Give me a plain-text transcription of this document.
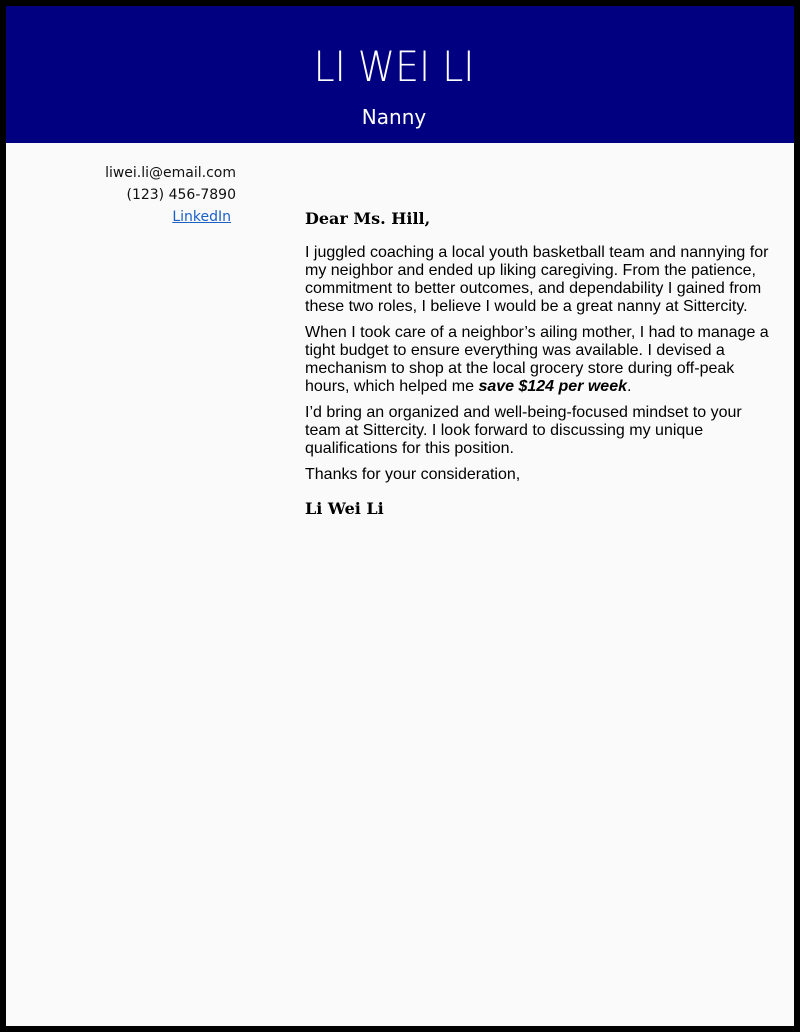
LI WEI LI
Nanny
liwei.li@email.com
(123) 456-7890
LinkedIn	Dear Ms. Hill,

I juggled coaching a local youth basketball team and nannying for my neighbor and ended up liking caregiving. From the patience, commitment to better outcomes, and dependability I gained from these two roles, I believe I would be a great nanny at Sittercity.

When I took care of a neighbor’s ailing mother, I had to manage a tight budget to ensure everything was available. I devised a mechanism to shop at the local grocery store during off-peak hours, which helped me save $124 per week.

I’d bring an organized and well-being-focused mindset to your team at Sittercity. I look forward to discussing my unique qualifications for this position.

Thanks for your consideration,

Li Wei Li
